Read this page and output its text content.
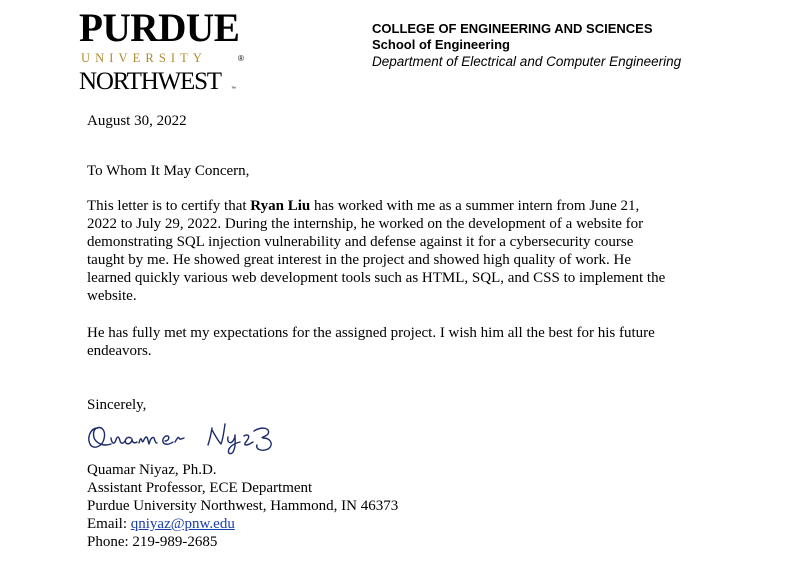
PURDUE
UNIVERSITY	®
NORTHWEST ™
COLLEGE OF ENGINEERING AND SCIENCES
School of Engineering
Department of Electrical and Computer Engineering
August 30, 2022
To Whom It May Concern,
This letter is to certify that Ryan Liu has worked with me as a summer intern from June 21,
2022 to July 29, 2022. During the internship, he worked on the development of a website for
demonstrating SQL injection vulnerability and defense against it for a cybersecurity course
taught by me. He showed great interest in the project and showed high quality of work. He
learned quickly various web development tools such as HTML, SQL, and CSS to implement the
website.
He has fully met my expectations for the assigned project. I wish him all the best for his future
endeavors.
Sincerely,
Quamar Niyaz, Ph.D.
Assistant Professor, ECE Department
Purdue University Northwest, Hammond, IN 46373
Email: qniyaz@pnw.edu
Phone: 219-989-2685
